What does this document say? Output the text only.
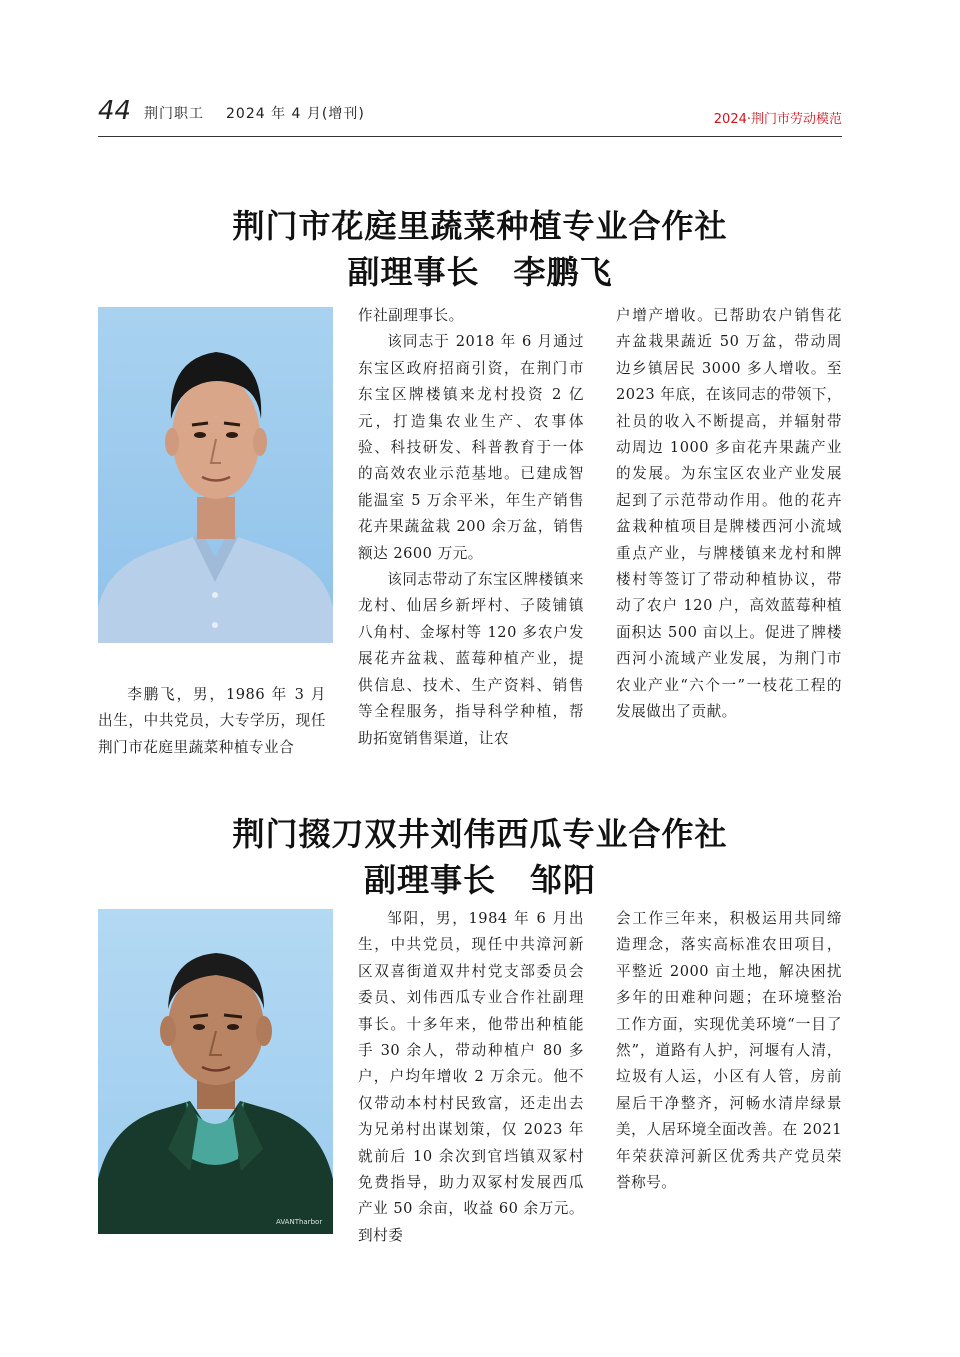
44 荆门职工 2024 年 4 月(增刊)	2024·荆门市劳动模范
荆门市花庭里蔬菜种植专业合作社
副理事长 李鹏飞

李鹏飞，男，1986 年 3 月出生，中共党员，大专学历，现任荆门市花庭里蔬菜种植专业合

作社副理事长。

该同志于 2018 年 6 月通过东宝区政府招商引资，在荆门市东宝区牌楼镇来龙村投资 2 亿元，打造集农业生产、农事体验、科技研发、科普教育于一体的高效农业示范基地。已建成智能温室 5 万余平米，年生产销售花卉果蔬盆栽 200 余万盆，销售额达 2600 万元。

该同志带动了东宝区牌楼镇来龙村、仙居乡新坪村、子陵铺镇八角村、金塚村等 120 多农户发展花卉盆栽、蓝莓种植产业，提供信息、技术、生产资料、销售等全程服务，指导科学种植，帮助拓宽销售渠道，让农

户增产增收。已帮助农户销售花卉盆栽果蔬近 50 万盆，带动周边乡镇居民 3000 多人增收。至 2023 年底，在该同志的带领下，社员的收入不断提高，并辐射带动周边 1000 多亩花卉果蔬产业的发展。为东宝区农业产业发展起到了示范带动作用。他的花卉盆栽种植项目是牌楼西河小流域重点产业，与牌楼镇来龙村和牌楼村等签订了带动种植协议，带动了农户 120 户，高效蓝莓种植面积达 500 亩以上。促进了牌楼西河小流域产业发展，为荆门市农业产业“六个一”一枝花工程的发展做出了贡献。

荆门掇刀双井刘伟西瓜专业合作社
副理事长 邹阳
AVANTharbor

邹阳，男，1984 年 6 月出生，中共党员，现任中共漳河新区双喜街道双井村党支部委员会委员、刘伟西瓜专业合作社副理事长。十多年来，他带出种植能手 30 余人，带动种植户 80 多户，户均年增收 2 万余元。他不仅带动本村村民致富，还走出去为兄弟村出谋划策，仅 2023 年就前后 10 余次到官垱镇双冢村免费指导，助力双冢村发展西瓜产业 50 余亩，收益 60 余万元。到村委

会工作三年来，积极运用共同缔造理念，落实高标准农田项目，平整近 2000 亩土地，解决困扰多年的田难种问题；在环境整治工作方面，实现优美环境“一目了然”，道路有人护，河堰有人清，垃圾有人运，小区有人管，房前屋后干净整齐，河畅水清岸绿景美，人居环境全面改善。在 2021 年荣获漳河新区优秀共产党员荣誉称号。
